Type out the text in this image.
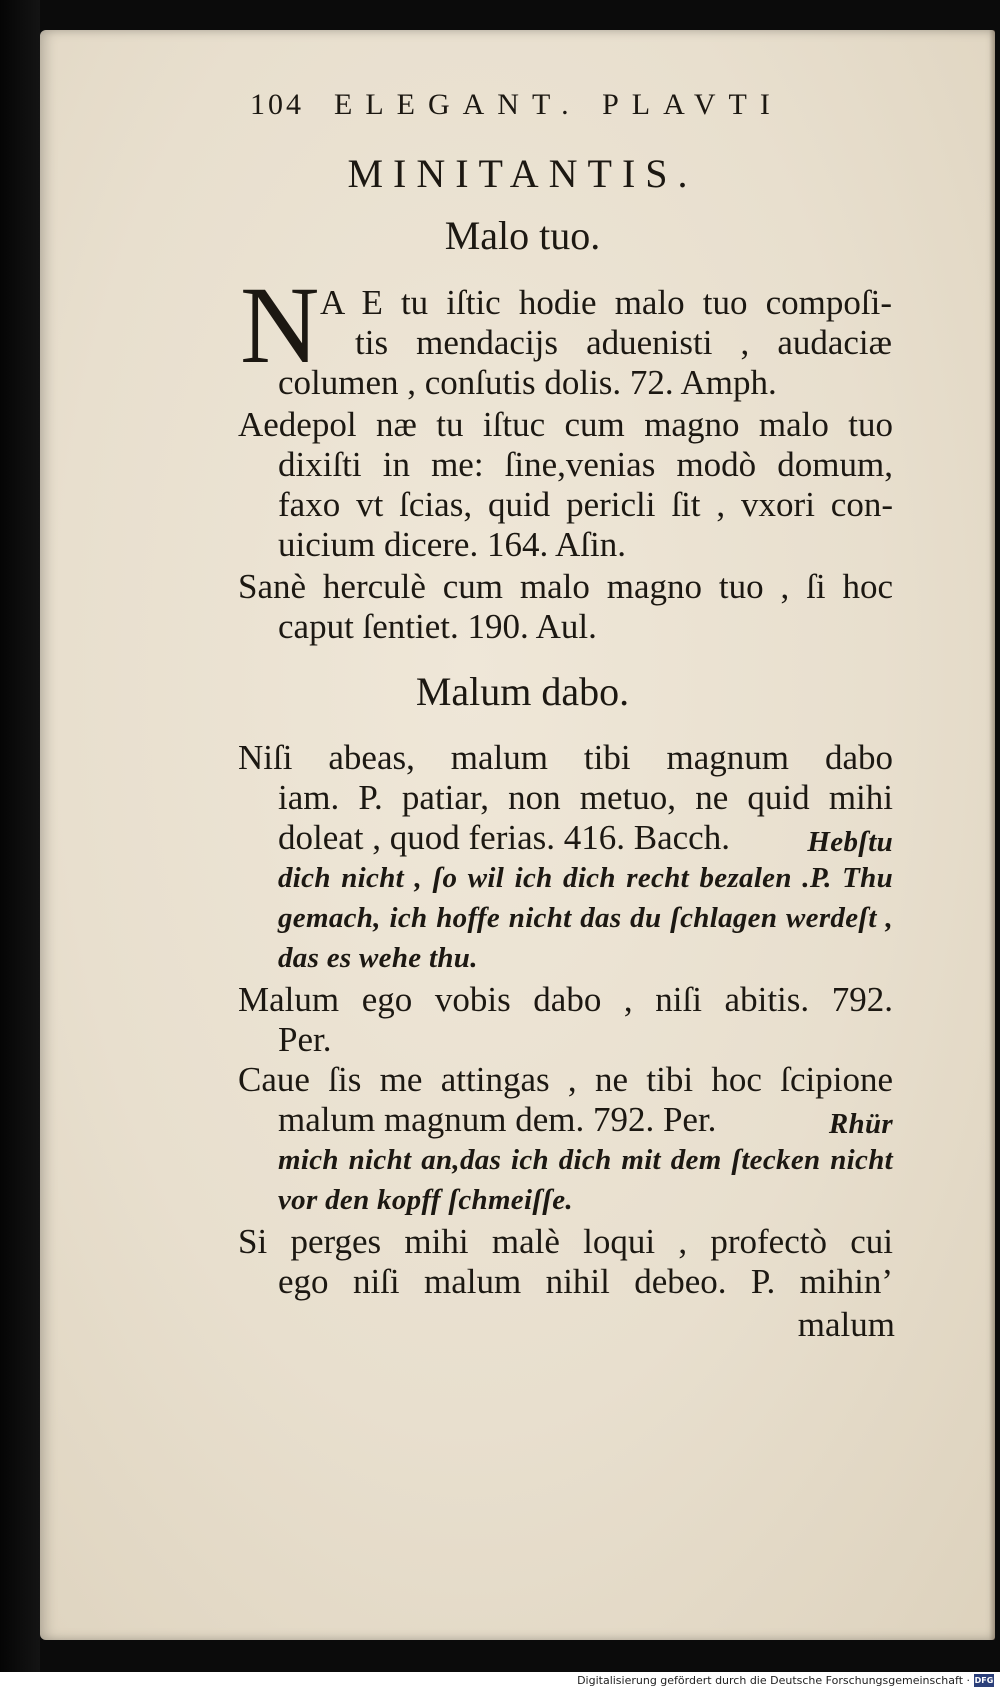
104 ELEGANT. PLAVTI
MINITANTIS.
Malo tuo.
N A E tu iſtic hodie malo tuo compoſi-
tis mendacijs aduenisti , audaciæ
columen , conſutis dolis. 72. Amph.
Aedepol næ tu iſtuc cum magno malo tuo
dixiſti in me: ſine,venias modò domum,
faxo vt ſcias, quid pericli ſit , vxori con-
uicium dicere. 164. Aſin.
Sanè herculè cum malo magno tuo , ſi hoc
caput ſentiet. 190. Aul.
Malum dabo.
Niſi abeas, malum tibi magnum dabo
iam. P. patiar, non metuo, ne quid mihi
doleat , quod ferias. 416. Bacch.	Hebſtu
dich nicht , ſo wil ich dich recht bezalen .P. Thu
gemach, ich hoffe nicht das du ſchlagen werdeſt ,
das es wehe thu.
Malum ego vobis dabo , niſi abitis. 792.
Per.
Caue ſis me attingas , ne tibi hoc ſcipione
malum magnum dem. 792. Per.	Rhür
mich nicht an,das ich dich mit dem ſtecken nicht
vor den kopff ſchmeiſſe.
Si perges mihi malè loqui , profectò cui
ego niſi malum nihil debeo. P. mihin’
malum
Digitalisierung gefördert durch die Deutsche Forschungsgemeinschaft · DFG
